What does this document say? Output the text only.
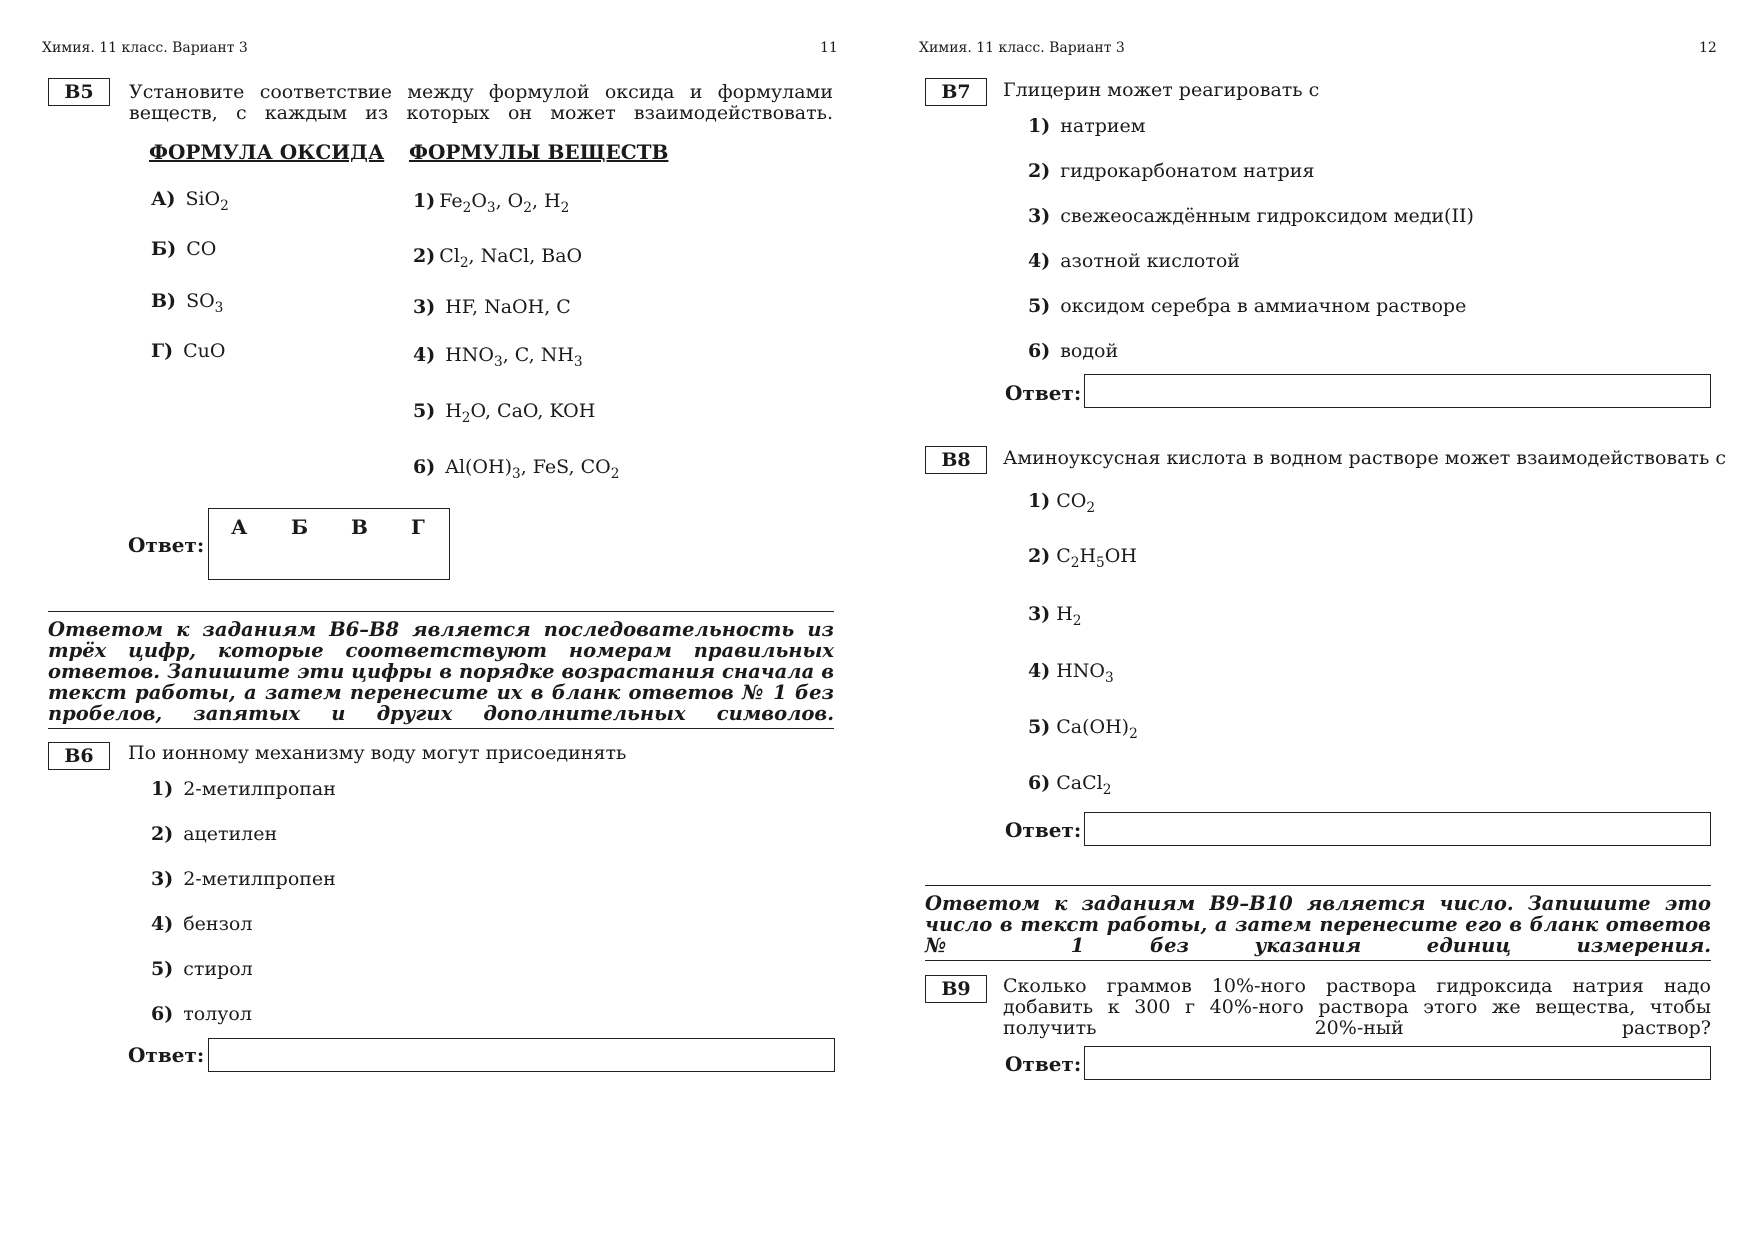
Химия. 11 класс. Вариант 3	11
В5	Установите соответствие между формулой оксида и формулами веществ, с каждым из которых он может взаимодействовать.
ФОРМУЛА ОКСИДА ФОРМУЛЫ ВЕЩЕСТВ
А) SiO$_2$
Б) CO
В) $SO_3$
Г) CuO
1) $Fe_2O_3$, $O_2$, $H_2$
2) $Cl_2$, NaCl, BaO
3) HF, NaOH, C
4) $HNO_3$, C, $NH_3$
5) $H_2O$, CaO, KOH
6) $Al(OH)_3$, FeS, $CO_2$
Ответ:
А Б В Г
Ответом к заданиям В6–В8 является последовательность из трёх цифр, которые соответствуют номерам правильных ответов. Запишите эти цифры в порядке возрастания сначала в текст работы, а затем перенесите их в бланк ответов № 1 без пробелов, запятых и других дополнительных символов.
В6	По ионному механизму воду могут присоединять
1) 2-метилпропан
2) ацетилен
3) 2-метилпропен
4) бензол
5) стирол
6) толуол
Ответ:
Химия. 11 класс. Вариант 3	12
В7	Глицерин может реагировать с
1) натрием
2) гидрокарбонатом натрия
3) свежеосаждённым гидроксидом меди(II)
4) азотной кислотой
5) оксидом серебра в аммиачном растворе
6) водой
Ответ:
В8	Аминоуксусная кислота в водном растворе может взаимодействовать с
1) $CO_2$
2) $C_2H_5OH$
3) $H_2$
4) $HNO_3$
5) $Ca(OH)_2$
6) CaCl$_2$
Ответ:
Ответом к заданиям В9–В10 является число. Запишите это число в текст работы, а затем перенесите его в бланк ответов № 1 без указания единиц измерения.
В9	Сколько граммов 10%-ного раствора гидроксида натрия надо добавить к 300 г 40%-ного раствора этого же вещества, чтобы получить 20%-ный раствор?
Ответ:
